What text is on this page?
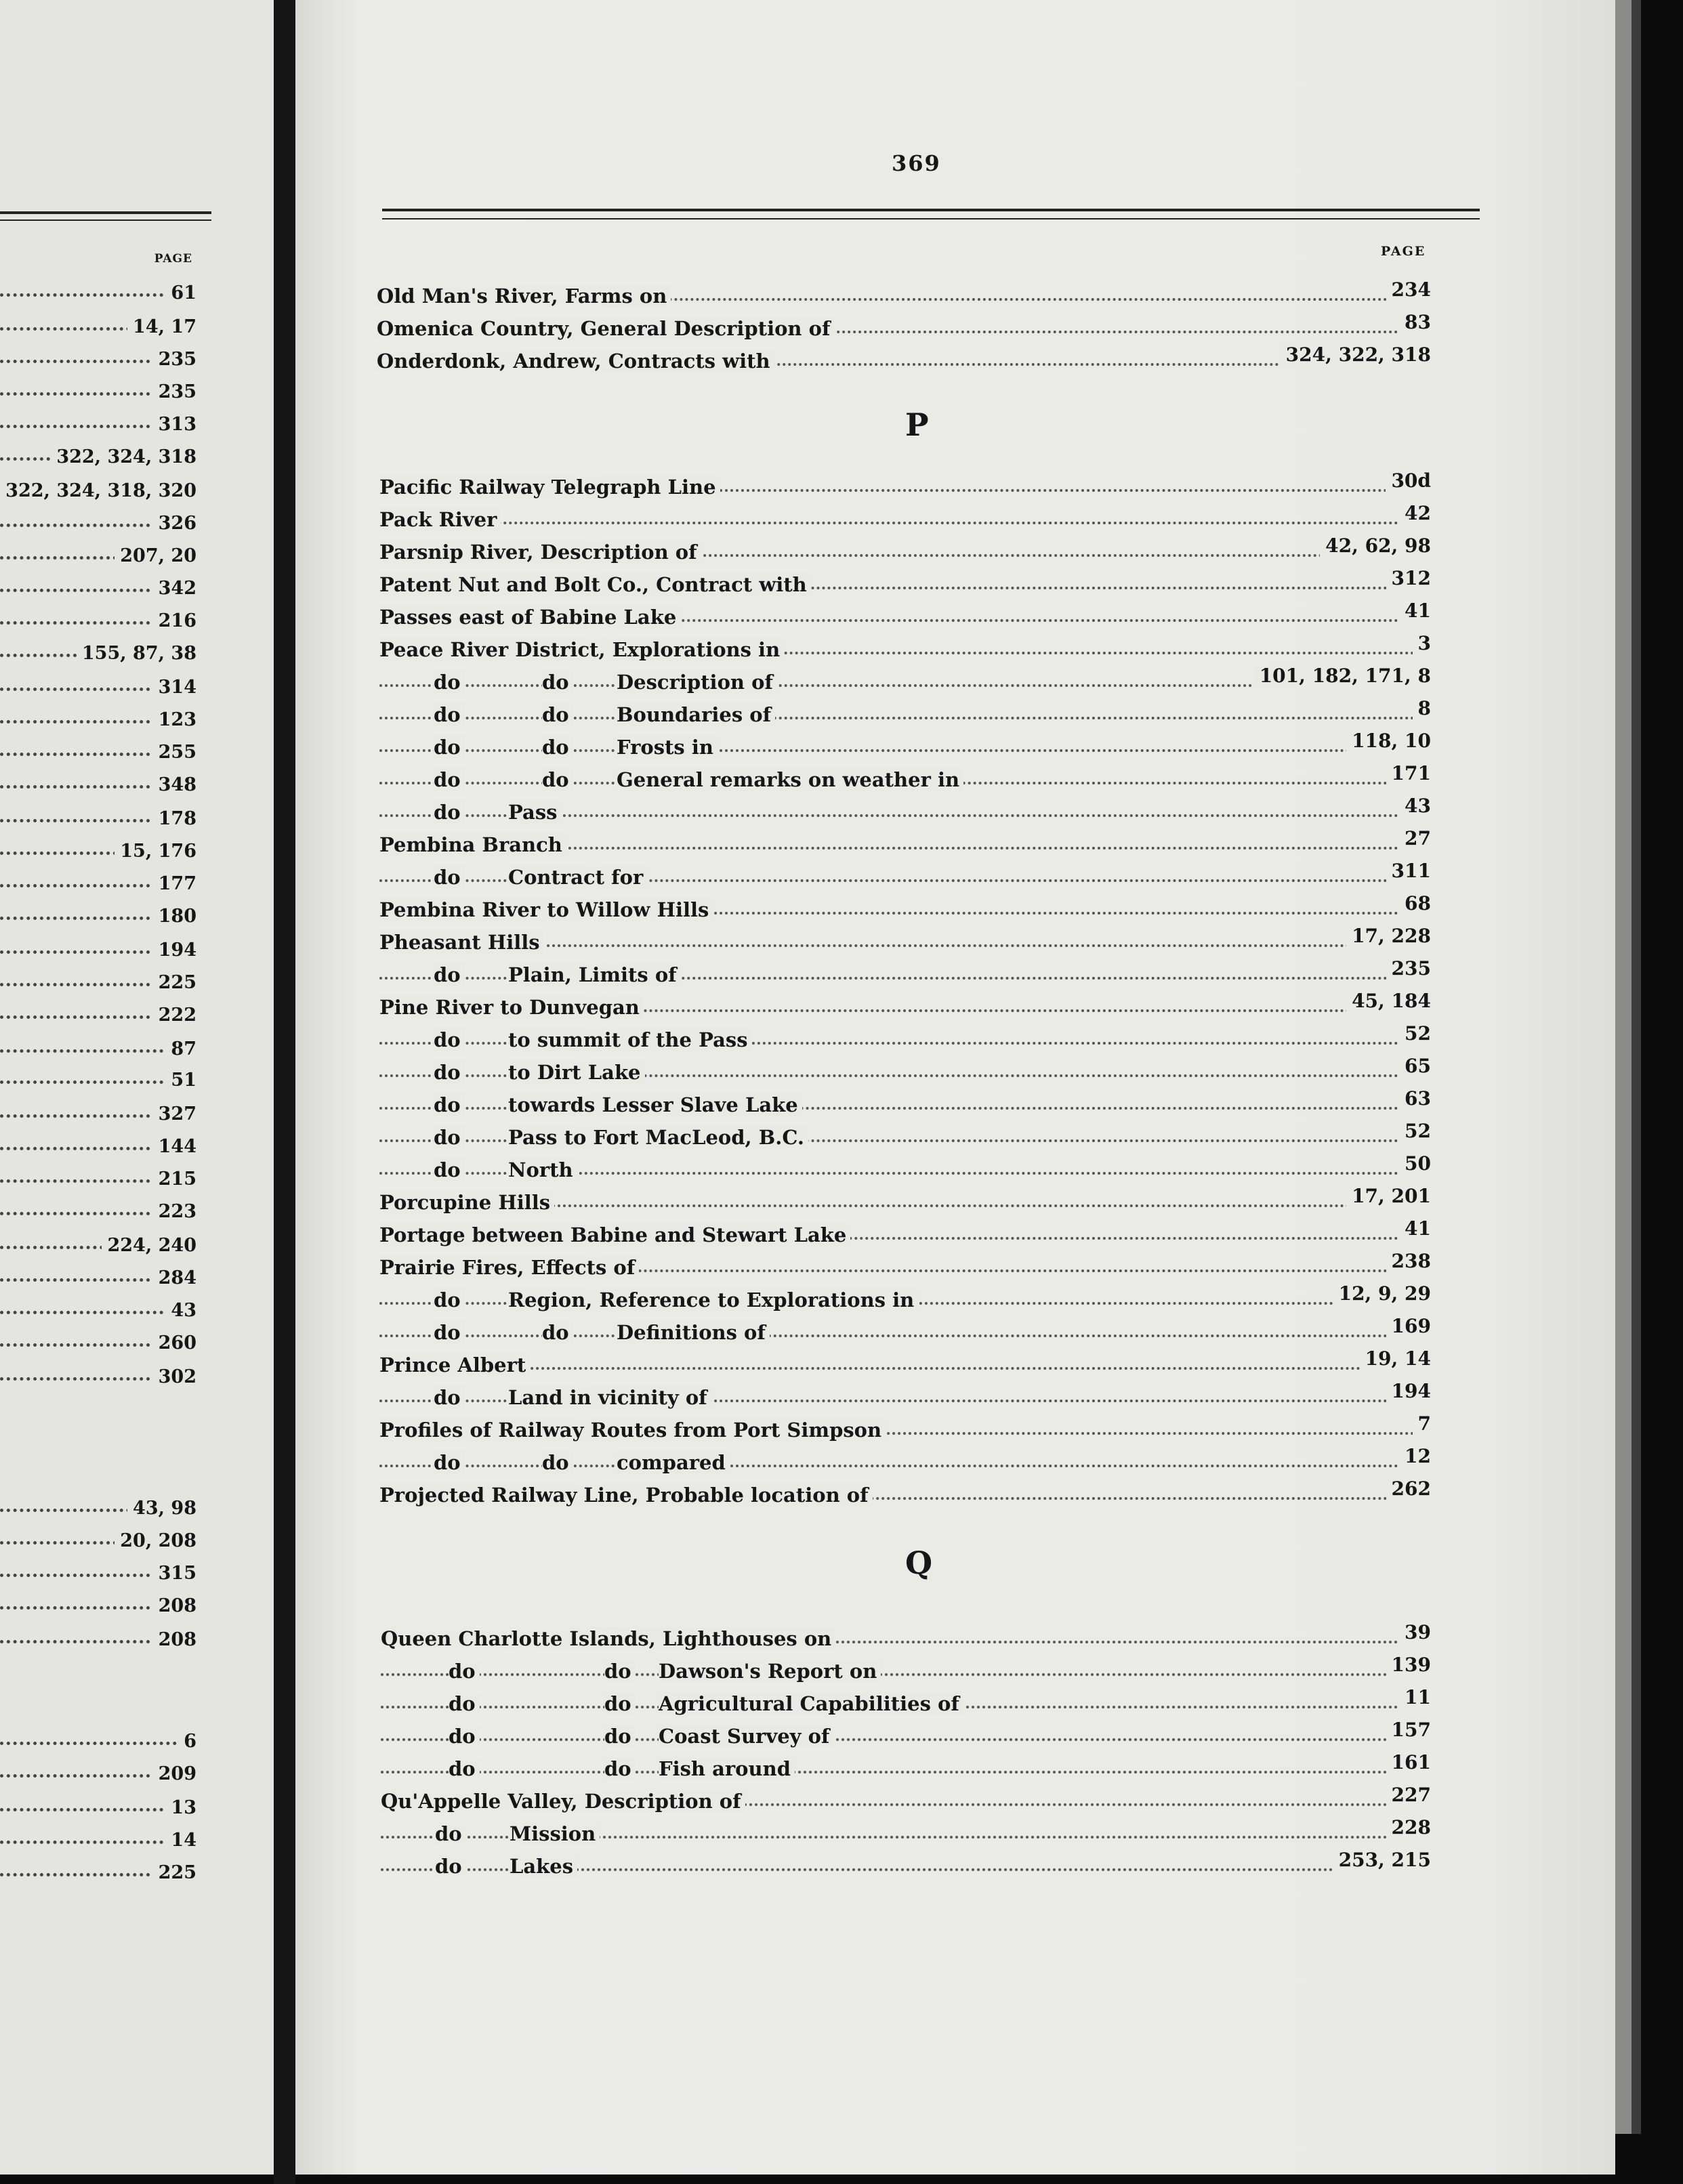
PAGE
61
14, 17
235
235
313
322, 324, 318
322, 324, 318, 320
326
207, 20
342
216
155, 87, 38
314
123
255
348
178
15, 176
177
180
194
225
222
87
51
327
144
215
223
224, 240
284
43
260
302
43, 98
20, 208
315
208
208
6
209
13
14
225
369
PAGE
Old Man's River, Farms on	234
Omenica Country, General Description of	83
Onderdonk, Andrew, Contracts with	324, 322, 318
P
Pacific Railway Telegraph Line	30d
Pack River	42
Parsnip River, Description of	42, 62, 98
Patent Nut and Bolt Co., Contract with	312
Passes east of Babine Lake	41
Peace River District, Explorations in	3
do	do Description of	101, 182, 171, 8
do	do Boundaries of	8
do	do Frosts in	118, 10
do	do General remarks on weather in	171
do Pass	43
Pembina Branch	27
do Contract for	311
Pembina River to Willow Hills	68
Pheasant Hills	17, 228
do Plain, Limits of	235
Pine River to Dunvegan	45, 184
do to summit of the Pass	52
do to Dirt Lake	65
do towards Lesser Slave Lake	63
do Pass to Fort MacLeod, B.C.	52
do North	50
Porcupine Hills	17, 201
Portage between Babine and Stewart Lake	41
Prairie Fires, Effects of	238
do Region, Reference to Explorations in	12, 9, 29
do	do Definitions of	169
Prince Albert	19, 14
do Land in vicinity of	194
Profiles of Railway Routes from Port Simpson	7
do	do compared	12
Projected Railway Line, Probable location of	262
Q
Queen Charlotte Islands, Lighthouses on	39
do	do Dawson's Report on	139
do	do Agricultural Capabilities of	11
do	do Coast Survey of	157
do	do Fish around	161
Qu'Appelle Valley, Description of	227
do Mission	228
do Lakes	253, 215
